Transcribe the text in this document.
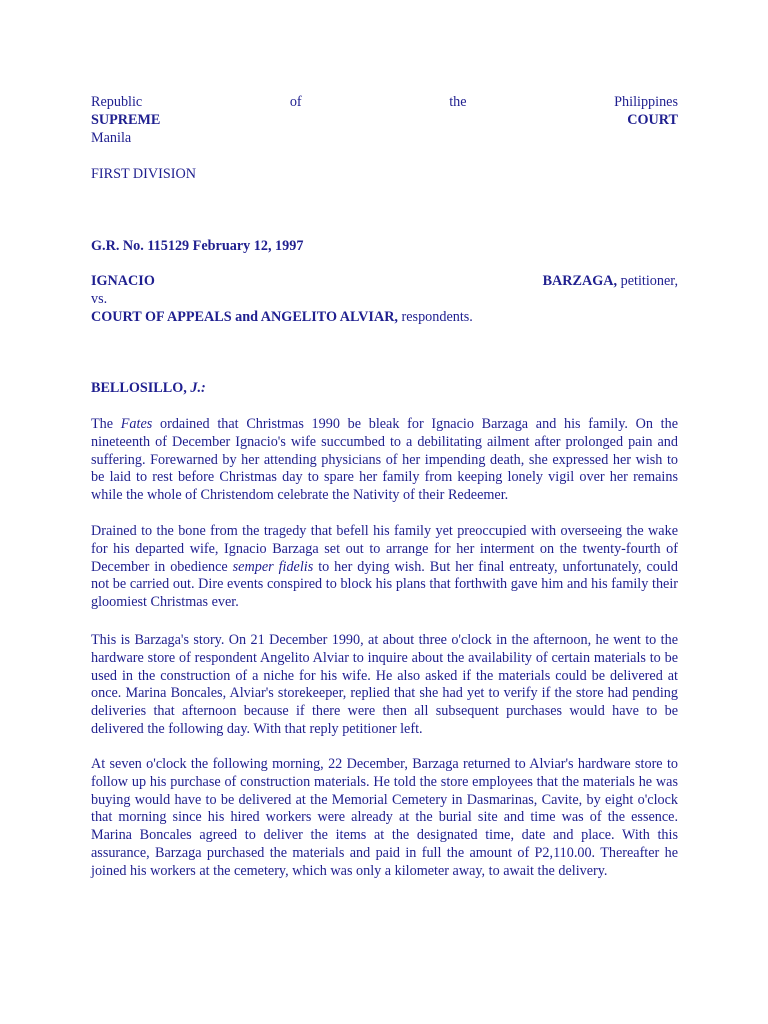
Republic	of	the	Philippines
SUPREME	COURT
Manila
FIRST DIVISION
G.R. No. 115129 February 12, 1997
IGNACIO	BARZAGA, petitioner,
vs.
COURT OF APPEALS and ANGELITO ALVIAR, respondents.
BELLOSILLO, J.:

The Fates ordained that Christmas 1990 be bleak for Ignacio Barzaga and his family. On the nineteenth of December Ignacio's wife succumbed to a debilitating ailment after prolonged pain and suffering. Forewarned by her attending physicians of her impending death, she expressed her wish to be laid to rest before Christmas day to spare her family from keeping lonely vigil over her remains while the whole of Christendom celebrate the Nativity of their Redeemer.

Drained to the bone from the tragedy that befell his family yet preoccupied with overseeing the wake for his departed wife, Ignacio Barzaga set out to arrange for her interment on the twenty-fourth of December in obedience semper fidelis to her dying wish. But her final entreaty, unfortunately, could not be carried out. Dire events conspired to block his plans that forthwith gave him and his family their gloomiest Christmas ever.

This is Barzaga's story. On 21 December 1990, at about three o'clock in the afternoon, he went to the hardware store of respondent Angelito Alviar to inquire about the availability of certain materials to be used in the construction of a niche for his wife. He also asked if the materials could be delivered at once. Marina Boncales, Alviar's storekeeper, replied that she had yet to verify if the store had pending deliveries that afternoon because if there were then all subsequent purchases would have to be delivered the following day. With that reply petitioner left.

At seven o'clock the following morning, 22 December, Barzaga returned to Alviar's hardware store to follow up his purchase of construction materials. He told the store employees that the materials he was buying would have to be delivered at the Memorial Cemetery in Dasmarinas, Cavite, by eight o'clock that morning since his hired workers were already at the burial site and time was of the essence. Marina Boncales agreed to deliver the items at the designated time, date and place. With this assurance, Barzaga purchased the materials and paid in full the amount of P2,110.00. Thereafter he joined his workers at the cemetery, which was only a kilometer away, to await the delivery.
